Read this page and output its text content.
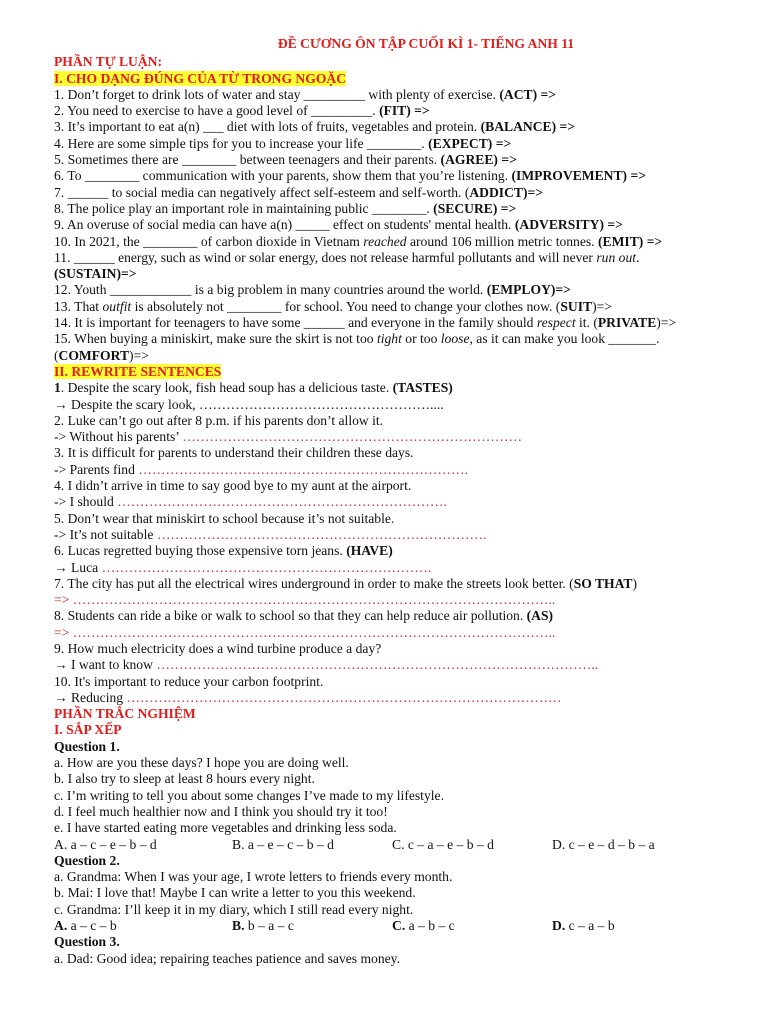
ĐỀ CƯƠNG ÔN TẬP CUỐI KÌ 1- TIẾNG ANH 11
PHẦN TỰ LUẬN:
I. CHO DẠNG ĐÚNG CỦA TỪ TRONG NGOẶC
1. Don’t forget to drink lots of water and stay _________ with plenty of exercise. (ACT) =>
2. You need to exercise to have a good level of _________. (FIT) =>
3. It’s important to eat a(n) ___ diet with lots of fruits, vegetables and protein. (BALANCE) =>
4. Here are some simple tips for you to increase your life ________. (EXPECT) =>
5. Sometimes there are ________ between teenagers and their parents. (AGREE) =>
6. To ________ communication with your parents, show them that you’re listening. (IMPROVEMENT) =>
7. ______ to social media can negatively affect self-esteem and self-worth. (ADDICT)=>
8. The police play an important role in maintaining public ________. (SECURE) =>
9. An overuse of social media can have a(n) _____ effect on students' mental health. (ADVERSITY) =>
10. In 2021, the ________ of carbon dioxide in Vietnam reached around 106 million metric tonnes. (EMIT) =>
11. ______ energy, such as wind or solar energy, does not release harmful pollutants and will never run out.
(SUSTAIN)=>
12. Youth ____________ is a big problem in many countries around the world. (EMPLOY)=>
13. That outfit is absolutely not ________ for school. You need to change your clothes now. (SUIT)=>
14. It is important for teenagers to have some ______ and everyone in the family should respect it. (PRIVATE)=>
15. When buying a miniskirt, make sure the skirt is not too tight or too loose, as it can make you look _______.
(COMFORT)=>
II. REWRITE SENTENCES
1. Despite the scary look, fish head soup has a delicious taste. (TASTES)
→ Despite the scary look, ……………………………………………....
2. Luke can’t go out after 8 p.m. if his parents don’t allow it.
-> Without his parents’ …………………………………………………………………
3. It is difficult for parents to understand their children these days.
-> Parents find ……………………………………………………………….
4. I didn’t arrive in time to say good bye to my aunt at the airport.
-> I should ……………………………………………………………….
5. Don’t wear that miniskirt to school because it’s not suitable.
-> It’s not suitable ……………………………………………………………….
6. Lucas regretted buying those expensive torn jeans. (HAVE)
→ Luca ……………………………………………………………….
7. The city has put all the electrical wires underground in order to make the streets look better. (SO THAT)
=> ……………………………………………………………………………………………..
8. Students can ride a bike or walk to school so that they can help reduce air pollution. (AS)
=> ……………………………………………………………………………………………..
9. How much electricity does a wind turbine produce a day?
→ I want to know ……………………………………………………………………………………..
10. It's important to reduce your carbon footprint.
→ Reducing ……………………………………………………………………………………
PHẦN TRẮC NGHIỆM
I. SẮP XẾP
Question 1.
a. How are you these days? I hope you are doing well.
b. I also try to sleep at least 8 hours every night.
c. I’m writing to tell you about some changes I’ve made to my lifestyle.
d. I feel much healthier now and I think you should try it too!
e. I have started eating more vegetables and drinking less soda.
A. a – c – e – b – d	B. a – e – c – b – d	C. c – a – e – b – d	D. c – e – d – b – a
Question 2.
a. Grandma: When I was your age, I wrote letters to friends every month.
b. Mai: I love that! Maybe I can write a letter to you this weekend.
c. Grandma: I’ll keep it in my diary, which I still read every night.
A. a – c – b	B. b – a – c	C. a – b – c	D. c – a – b
Question 3.
a. Dad: Good idea; repairing teaches patience and saves money.
